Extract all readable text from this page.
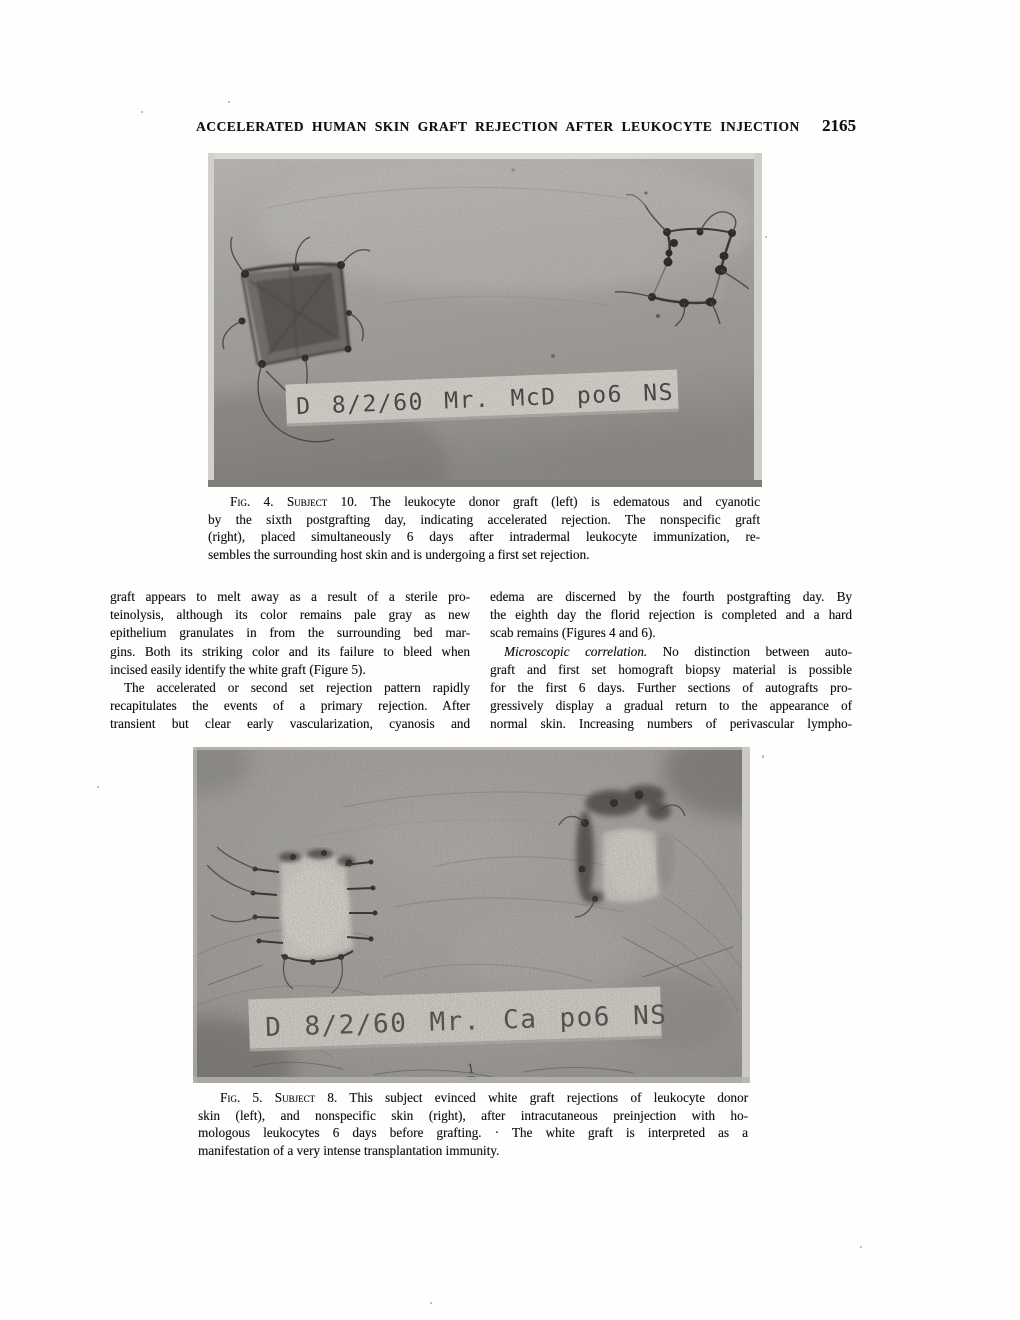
ACCELERATED HUMAN SKIN GRAFT REJECTION AFTER LEUKOCYTE INJECTION 2165
Fig. 4. Subject 10. The leukocyte donor graft (left) is edematous and cyanotic
by the sixth postgrafting day, indicating accelerated rejection. The nonspecific graft
(right), placed simultaneously 6 days after intradermal leukocyte immunization, re-
sembles the surrounding host skin and is undergoing a first set rejection.
graft appears to melt away as a result of a sterile pro-
teinolysis, although its color remains pale gray as new
epithelium granulates in from the surrounding bed mar-
gins. Both its striking color and its failure to bleed when
incised easily identify the white graft (Figure 5).
The accelerated or second set rejection pattern rapidly
recapitulates the events of a primary rejection. After
transient but clear early vascularization, cyanosis and
edema are discerned by the fourth postgrafting day. By
the eighth day the florid rejection is completed and a hard
scab remains (Figures 4 and 6).
Microscopic correlation. No distinction between auto-
graft and first set homograft biopsy material is possible
for the first 6 days. Further sections of autografts pro-
gressively display a gradual return to the appearance of
normal skin. Increasing numbers of perivascular lympho-
Fig. 5. Subject 8. This subject evinced white graft rejections of leukocyte donor
skin (left), and nonspecific skin (right), after intracutaneous preinjection with ho-
mologous leukocytes 6 days before grafting. · The white graft is interpreted as a
manifestation of a very intense transplantation immunity.
